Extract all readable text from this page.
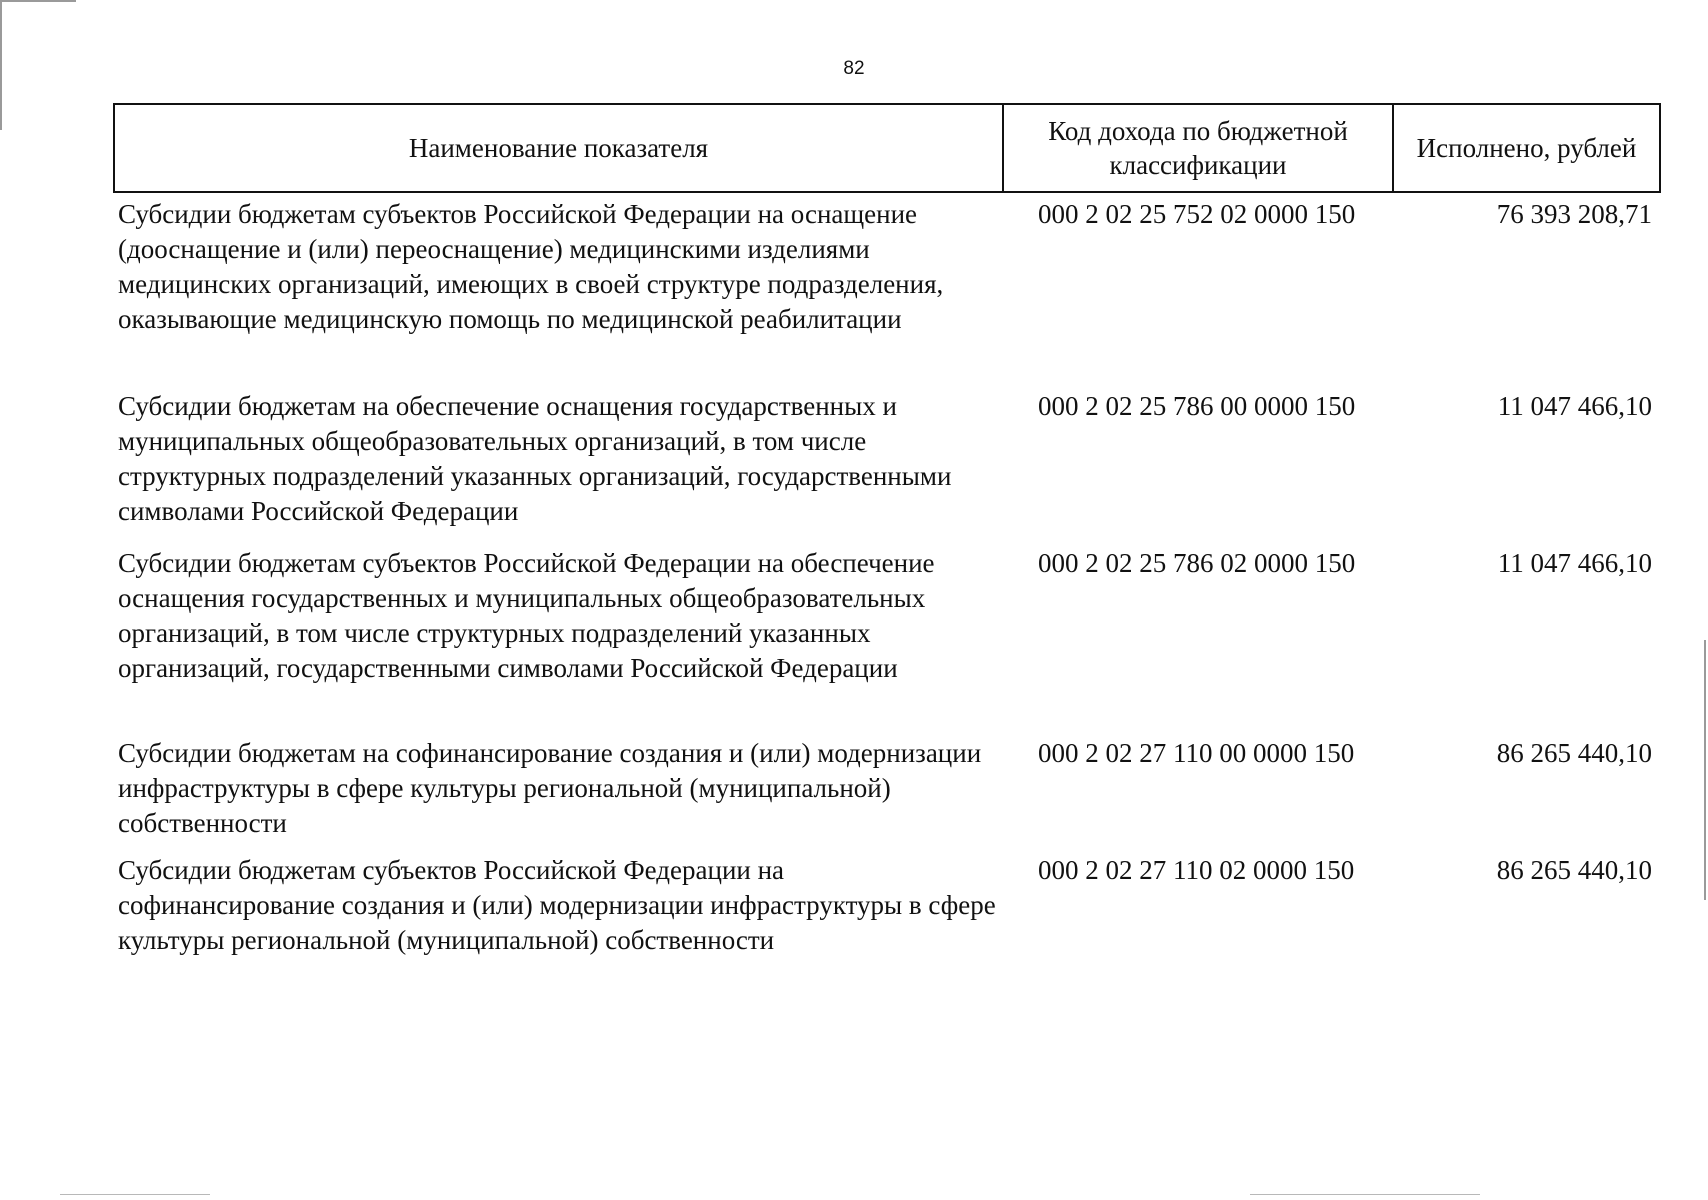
82
Наименование показателя	Код дохода по бюджетной классификации	Исполнено, рублей
Субсидии бюджетам субъектов Российской Федерации на оснащение (дооснащение и (или) переоснащение) медицинскими изделиями медицинских организаций, имеющих в своей структуре подразделения, оказывающие медицинскую помощь по медицинской реабилитации	000 2 02 25 752 02 0000 150	76 393 208,71
Субсидии бюджетам на обеспечение оснащения государственных и муниципальных общеобразовательных организаций, в том числе структурных подразделений указанных организаций, государственными символами Российской Федерации	000 2 02 25 786 00 0000 150	11 047 466,10
Субсидии бюджетам субъектов Российской Федерации на обеспечение оснащения государственных и муниципальных общеобразовательных организаций, в том числе структурных подразделений указанных организаций, государственными символами Российской Федерации	000 2 02 25 786 02 0000 150	11 047 466,10
Субсидии бюджетам на софинансирование создания и (или) модернизации инфраструктуры в сфере культуры региональной (муниципальной) собственности	000 2 02 27 110 00 0000 150	86 265 440,10
Субсидии бюджетам субъектов Российской Федерации на софинансирование создания и (или) модернизации инфраструктуры в сфере культуры региональной (муниципальной) собственности	000 2 02 27 110 02 0000 150	86 265 440,10
